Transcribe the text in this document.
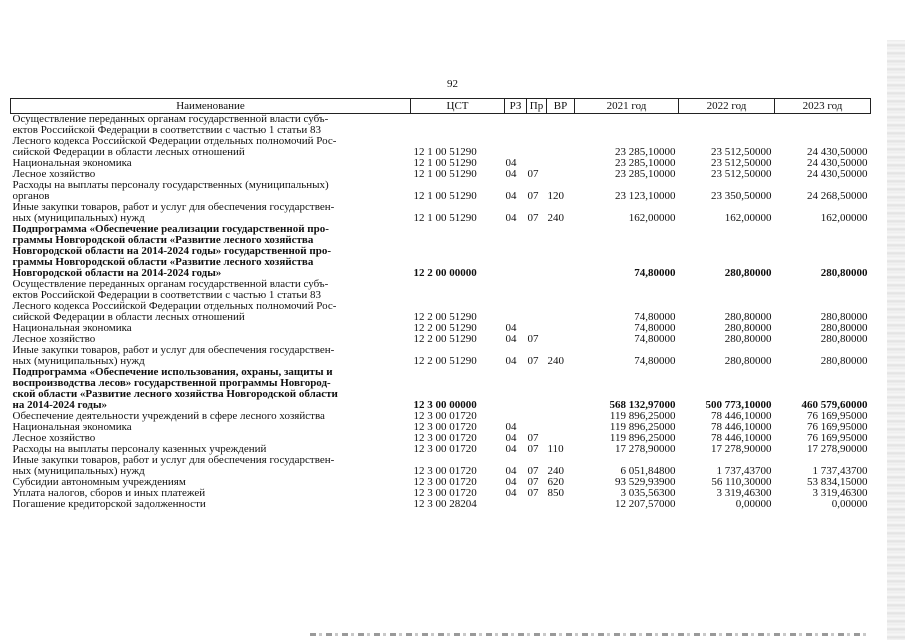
92
Наименование	ЦСТ	РЗ	Пр	ВР	2021 год	2022 год	2023 год
Осуществление переданных органам государственной власти субъ-
ектов Российской Федерации в соответствии с частью 1 статьи 83
Лесного кодекса Российской Федерации отдельных полномочий Рос-
сийской Федерации в области лесных отношений	12 1 00 51290				23 285,10000	23 512,50000	24 430,50000
Национальная экономика	12 1 00 51290	04			23 285,10000	23 512,50000	24 430,50000
Лесное хозяйство	12 1 00 51290	04	07		23 285,10000	23 512,50000	24 430,50000
Расходы на выплаты персоналу государственных (муниципальных)
органов	12 1 00 51290	04	07	120	23 123,10000	23 350,50000	24 268,50000
Иные закупки товаров, работ и услуг для обеспечения государствен-
ных (муниципальных) нужд	12 1 00 51290	04	07	240	162,00000	162,00000	162,00000
Подпрограмма «Обеспечение реализации государственной про-
граммы Новгородской области «Развитие лесного хозяйства
Новгородской области на 2014-2024 годы» государственной про-
граммы Новгородской области «Развитие лесного хозяйства
Новгородской области на 2014-2024 годы»	12 2 00 00000				74,80000	280,80000	280,80000
Осуществление переданных органам государственной власти субъ-
ектов Российской Федерации в соответствии с частью 1 статьи 83
Лесного кодекса Российской Федерации отдельных полномочий Рос-
сийской Федерации в области лесных отношений	12 2 00 51290				74,80000	280,80000	280,80000
Национальная экономика	12 2 00 51290	04			74,80000	280,80000	280,80000
Лесное хозяйство	12 2 00 51290	04	07		74,80000	280,80000	280,80000
Иные закупки товаров, работ и услуг для обеспечения государствен-
ных (муниципальных) нужд	12 2 00 51290	04	07	240	74,80000	280,80000	280,80000
Подпрограмма «Обеспечение использования, охраны, защиты и
воспроизводства лесов» государственной программы Новгород-
ской области «Развитие лесного хозяйства Новгородской области
на 2014-2024 годы»	12 3 00 00000				568 132,97000	500 773,10000	460 579,60000
Обеспечение деятельности учреждений в сфере лесного хозяйства	12 3 00 01720				119 896,25000	78 446,10000	76 169,95000
Национальная экономика	12 3 00 01720	04			119 896,25000	78 446,10000	76 169,95000
Лесное хозяйство	12 3 00 01720	04	07		119 896,25000	78 446,10000	76 169,95000
Расходы на выплаты персоналу казенных учреждений	12 3 00 01720	04	07	110	17 278,90000	17 278,90000	17 278,90000
Иные закупки товаров, работ и услуг для обеспечения государствен-
ных (муниципальных) нужд	12 3 00 01720	04	07	240	6 051,84800	1 737,43700	1 737,43700
Субсидии автономным учреждениям	12 3 00 01720	04	07	620	93 529,93900	56 110,30000	53 834,15000
Уплата налогов, сборов и иных платежей	12 3 00 01720	04	07	850	3 035,56300	3 319,46300	3 319,46300
Погашение кредиторской задолженности	12 3 00 28204				12 207,57000	0,00000	0,00000
